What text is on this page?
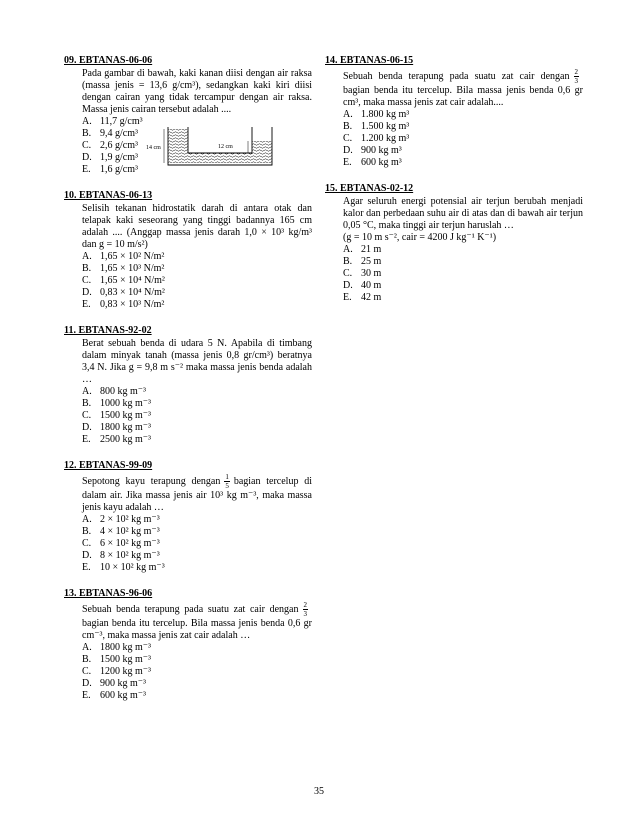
09. EBTANAS-06-06
Pada gambar di bawah, kaki kanan diisi dengan air raksa (massa jenis = 13,6 g/cm³), sedangkan kaki kiri diisi dengan cairan yang tidak tercampur dengan air raksa. Massa jenis cairan tersebut adalah ....
A. 11,7 g/cm³
B. 9,4 g/cm³
C. 2,6 g/cm³
D. 1,9 g/cm³
E. 1,6 g/cm³
14 cm	12 cm
10. EBTANAS-06-13
Selisih tekanan hidrostatik darah di antara otak dan telapak kaki seseorang yang tinggi badannya 165 cm adalah .... (Anggap massa jenis darah 1,0 × 10³ kg/m³ dan g = 10 m/s²)
A. 1,65 × 10² N/m²
B. 1,65 × 10³ N/m²
C. 1,65 × 10⁴ N/m²
D. 0,83 × 10⁴ N/m²
E. 0,83 × 10³ N/m²
11. EBTANAS-92-02
Berat sebuah benda di udara 5 N. Apabila di timbang dalam minyak tanah (massa jenis 0,8 gr/cm³) beratnya 3,4 N. Jika g = 9,8 m s⁻² maka massa jenis benda adalah …
A. 800 kg m⁻³
B. 1000 kg m⁻³
C. 1500 kg m⁻³
D. 1800 kg m⁻³
E. 2500 kg m⁻³
12. EBTANAS-99-09
Sepotong kayu terapung dengan $\frac{1}{5}$ bagian tercelup di dalam air. Jika massa jenis air 10³ kg m⁻³, maka massa jenis kayu adalah …
A. 2 × 10² kg m⁻³
B. 4 × 10² kg m⁻³
C. 6 × 10² kg m⁻³
D. 8 × 10² kg m⁻³
E. 10 × 10² kg m⁻³
13. EBTANAS-96-06
Sebuah benda terapung pada suatu zat cair dengan $\frac{2}{3}$
bagian benda itu tercelup. Bila massa jenis benda 0,6 gr cm⁻³, maka massa jenis zat cair adalah …
A. 1800 kg m⁻³
B. 1500 kg m⁻³
C. 1200 kg m⁻³
D. 900 kg m⁻³
E. 600 kg m⁻³
14. EBTANAS-06-15
Sebuah benda terapung pada suatu zat cair dengan $\frac{2}{3}$
bagian benda itu tercelup. Bila massa jenis benda 0,6 gr cm³, maka massa jenis zat cair adalah....
A. 1.800 kg m³
B. 1.500 kg m³
C. 1.200 kg m³
D. 900 kg m³
E. 600 kg m³
15. EBTANAS-02-12
Agar seluruh energi potensial air terjun berubah menjadi kalor dan perbedaan suhu air di atas dan di bawah air terjun 0,05 °C, maka tinggi air terjun haruslah …
(g = 10 m s⁻², cair = 4200 J kg⁻¹ K⁻¹)
A. 21 m
B. 25 m
C. 30 m
D. 40 m
E. 42 m
35
